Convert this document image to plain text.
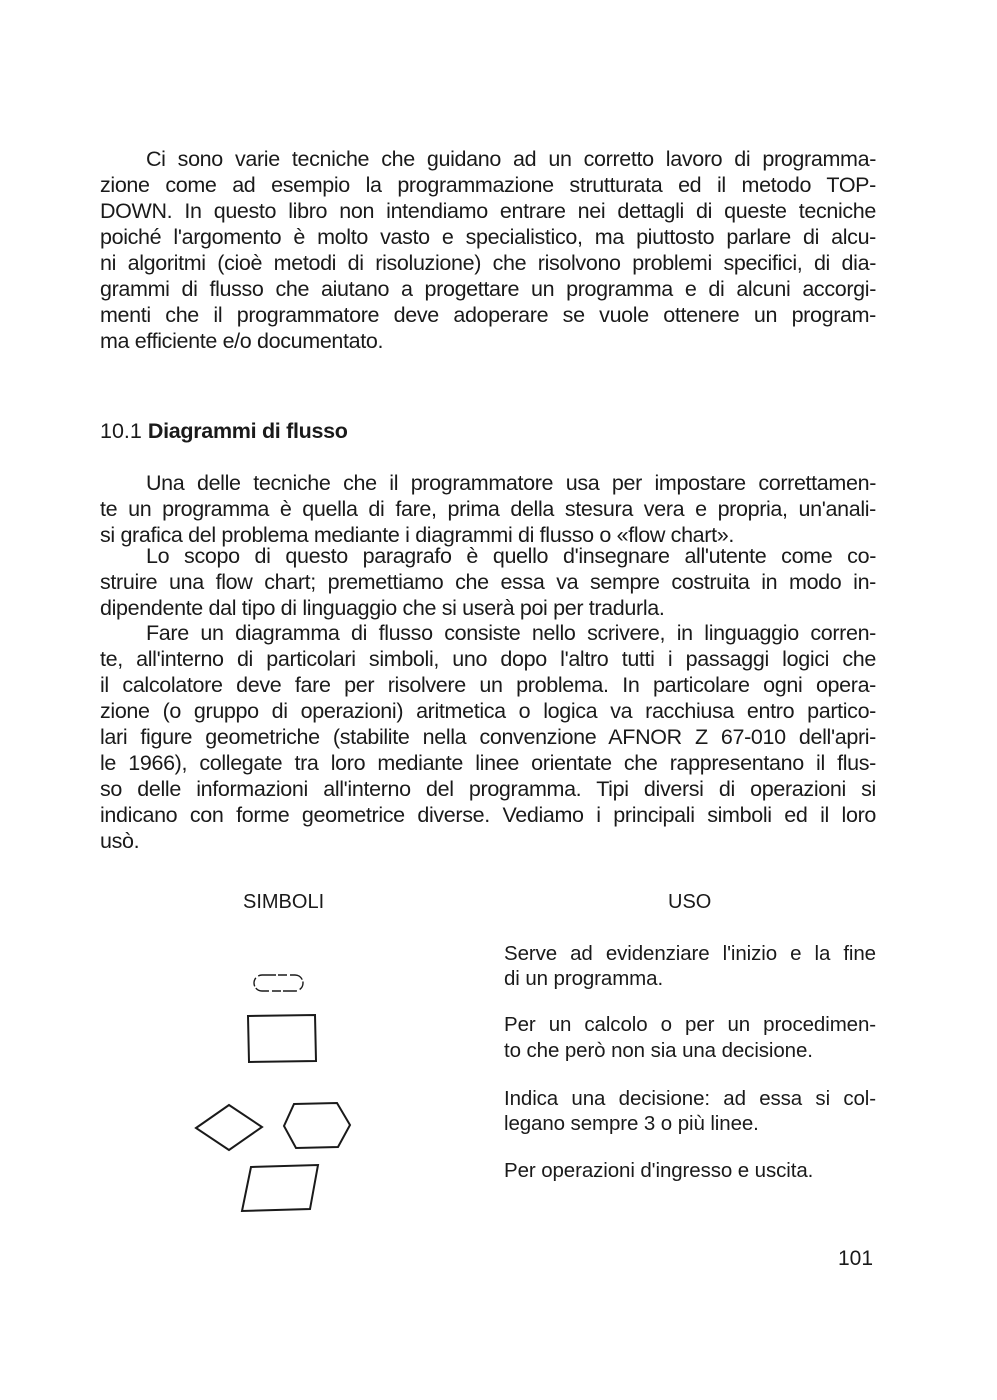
Ci sono varie tecniche che guidano ad un corretto lavoro di programma-
zione come ad esempio la programmazione strutturata ed il metodo TOP-
DOWN. In questo libro non intendiamo entrare nei dettagli di queste tecniche
poiché l'argomento è molto vasto e specialistico, ma piuttosto parlare di alcu-
ni algoritmi (cioè metodi di risoluzione) che risolvono problemi specifici, di dia-
grammi di flusso che aiutano a progettare un programma e di alcuni accorgi-
menti che il programmatore deve adoperare se vuole ottenere un program-
ma efficiente e/o documentato.
10.1 Diagrammi di flusso
Una delle tecniche che il programmatore usa per impostare correttamen-
te un programma è quella di fare, prima della stesura vera e propria, un'anali-
si grafica del problema mediante i diagrammi di flusso o «flow chart».
Lo scopo di questo paragrafo è quello d'insegnare all'utente come co-
struire una flow chart; premettiamo che essa va sempre costruita in modo in-
dipendente dal tipo di linguaggio che si userà poi per tradurla.
Fare un diagramma di flusso consiste nello scrivere, in linguaggio corren-
te, all'interno di particolari simboli, uno dopo l'altro tutti i passaggi logici che
il calcolatore deve fare per risolvere un problema. In particolare ogni opera-
zione (o gruppo di operazioni) aritmetica o logica va racchiusa entro partico-
lari figure geometriche (stabilite nella convenzione AFNOR Z 67-010 dell'apri-
le 1966), collegate tra loro mediante linee orientate che rappresentano il flus-
so delle informazioni all'interno del programma. Tipi diversi di operazioni si
indicano con forme geometrice diverse. Vediamo i principali simboli ed il loro
usò.
SIMBOLI	USO
Serve ad evidenziare l'inizio e la fine
di un programma.
Per un calcolo o per un procedimen-
to che però non sia una decisione.
Indica una decisione: ad essa si col-
legano sempre 3 o più linee.
Per operazioni d'ingresso e uscita.
101
